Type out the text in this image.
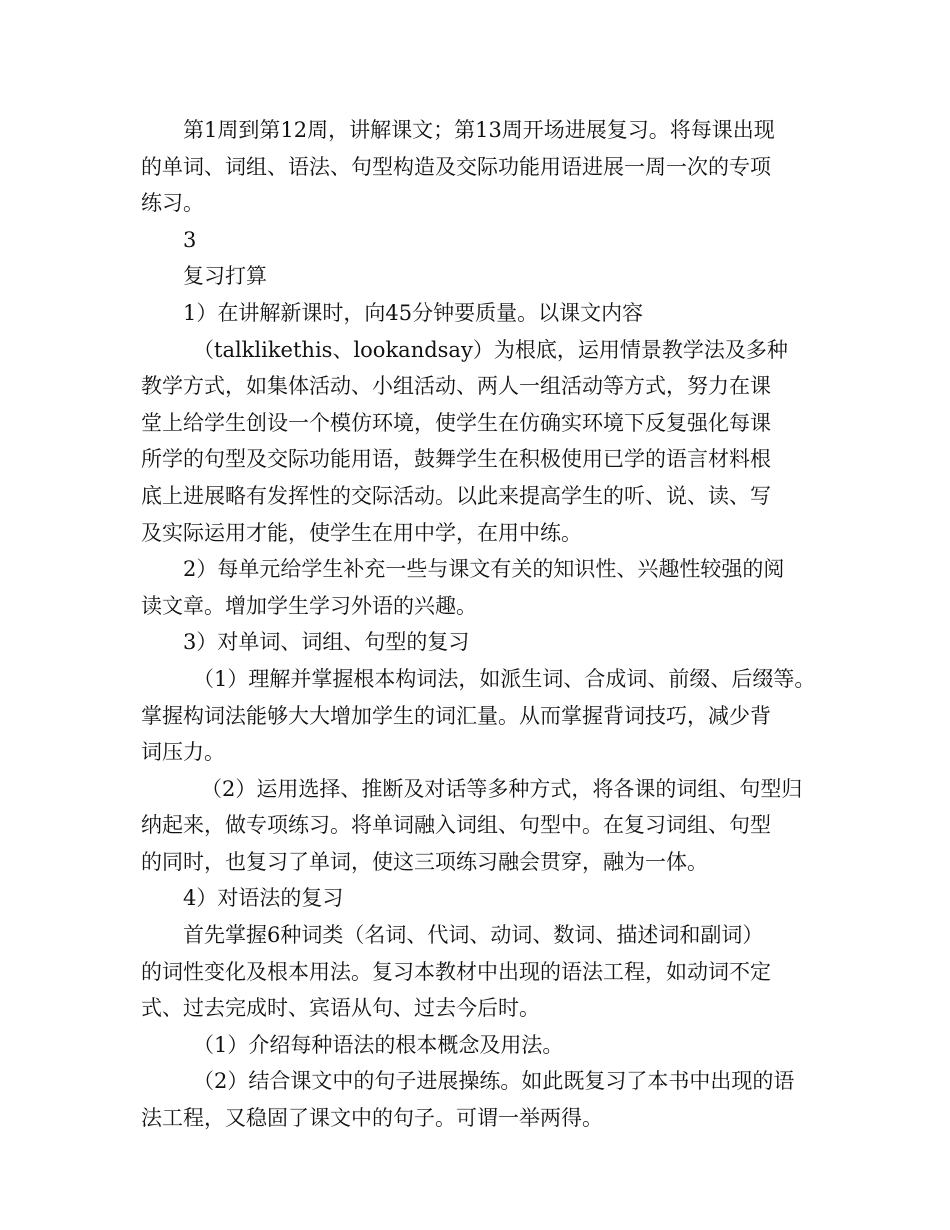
第1周到第12周，讲解课文；第13周开场进展复习。将每课出现
的单词、词组、语法、句型构造及交际功能用语进展一周一次的专项
练习。
3
复习打算
1）在讲解新课时，向45分钟要质量。以课文内容
（talklikethis、lookandsay）为根底，运用情景教学法及多种
教学方式，如集体活动、小组活动、两人一组活动等方式，努力在课
堂上给学生创设一个模仿环境，使学生在仿确实环境下反复强化每课
所学的句型及交际功能用语，鼓舞学生在积极使用已学的语言材料根
底上进展略有发挥性的交际活动。以此来提高学生的听、说、读、写
及实际运用才能，使学生在用中学，在用中练。
2）每单元给学生补充一些与课文有关的知识性、兴趣性较强的阅
读文章。增加学生学习外语的兴趣。
3）对单词、词组、句型的复习
（1）理解并掌握根本构词法，如派生词、合成词、前缀、后缀等。
掌握构词法能够大大增加学生的词汇量。从而掌握背词技巧，减少背
词压力。
（2）运用选择、推断及对话等多种方式，将各课的词组、句型归
纳起来，做专项练习。将单词融入词组、句型中。在复习词组、句型
的同时，也复习了单词，使这三项练习融会贯穿，融为一体。
4）对语法的复习
首先掌握6种词类（名词、代词、动词、数词、描述词和副词）
的词性变化及根本用法。复习本教材中出现的语法工程，如动词不定
式、过去完成时、宾语从句、过去今后时。
（1）介绍每种语法的根本概念及用法。
（2）结合课文中的句子进展操练。如此既复习了本书中出现的语
法工程，又稳固了课文中的句子。可谓一举两得。
